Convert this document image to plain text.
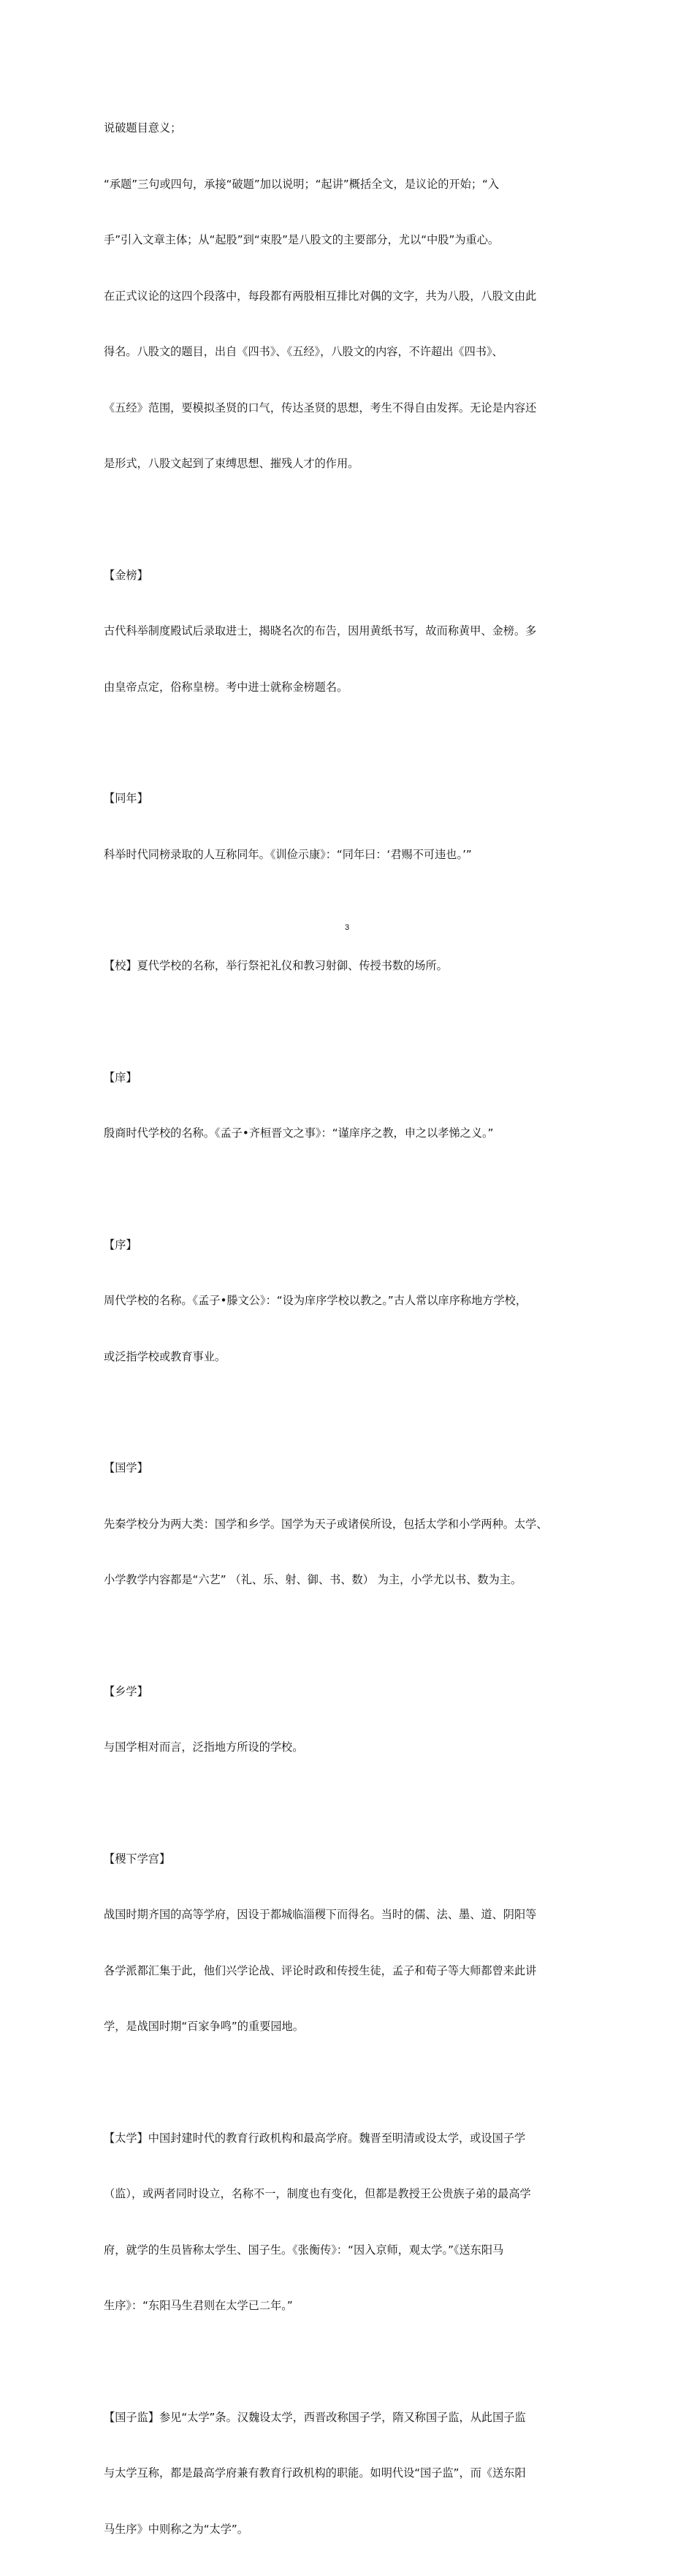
说破题目意义；

“承题”三句或四句，承接“破题”加以说明；“起讲”概括全文，是议论的开始；“入

手”引入文章主体；从“起股”到“束股”是八股文的主要部分，尤以“中股”为重心。

在正式议论的这四个段落中，每段都有两股相互排比对偶的文字，共为八股，八股文由此

得名。八股文的题目，出自《四书》、《五经》，八股文的内容，不许超出《四书》、

《五经》范围，要模拟圣贤的口气，传达圣贤的思想，考生不得自由发挥。无论是内容还

是形式，八股文起到了束缚思想、摧残人才的作用。

【金榜】

古代科举制度殿试后录取进士，揭晓名次的布告，因用黄纸书写，故而称黄甲、金榜。多

由皇帝点定，俗称皇榜。考中进士就称金榜题名。

【同年】

科举时代同榜录取的人互称同年。《训俭示康》：“同年曰：‘君赐不可违也。’”

【校】夏代学校的名称，举行祭祀礼仪和教习射御、传授书数的场所。

【庠】

殷商时代学校的名称。《孟子•齐桓晋文之事》：“谨庠序之教，申之以孝悌之义。”

【序】

周代学校的名称。《孟子•滕文公》：“设为庠序学校以教之。”古人常以庠序称地方学校，

或泛指学校或教育事业。

【国学】

先秦学校分为两大类：国学和乡学。国学为天子或诸侯所设，包括太学和小学两种。太学、

小学教学内容都是“六艺” （礼、乐、射、御、书、数） 为主，小学尤以书、数为主。

【乡学】

与国学相对而言，泛指地方所设的学校。

【稷下学宫】

战国时期齐国的高等学府，因设于都城临淄稷下而得名。当时的儒、法、墨、道、阴阳等

各学派都汇集于此，他们兴学论战、评论时政和传授生徒，孟子和荀子等大师都曾来此讲

学，是战国时期“百家争鸣”的重要园地。

【太学】中国封建时代的教育行政机构和最高学府。魏晋至明清或设太学，或设国子学

（监），或两者同时设立，名称不一，制度也有变化，但都是教授王公贵族子弟的最高学

府，就学的生员皆称太学生、国子生。《张衡传》：“因入京师，观太学。”《送东阳马

生序》：“东阳马生君则在太学已二年。”

【国子监】参见“太学”条。汉魏设太学，西晋改称国子学，隋又称国子监，从此国子监

与太学互称，都是最高学府兼有教育行政机构的职能。如明代设“国子监”，而《送东阳

马生序》中则称之为“太学”。

3
